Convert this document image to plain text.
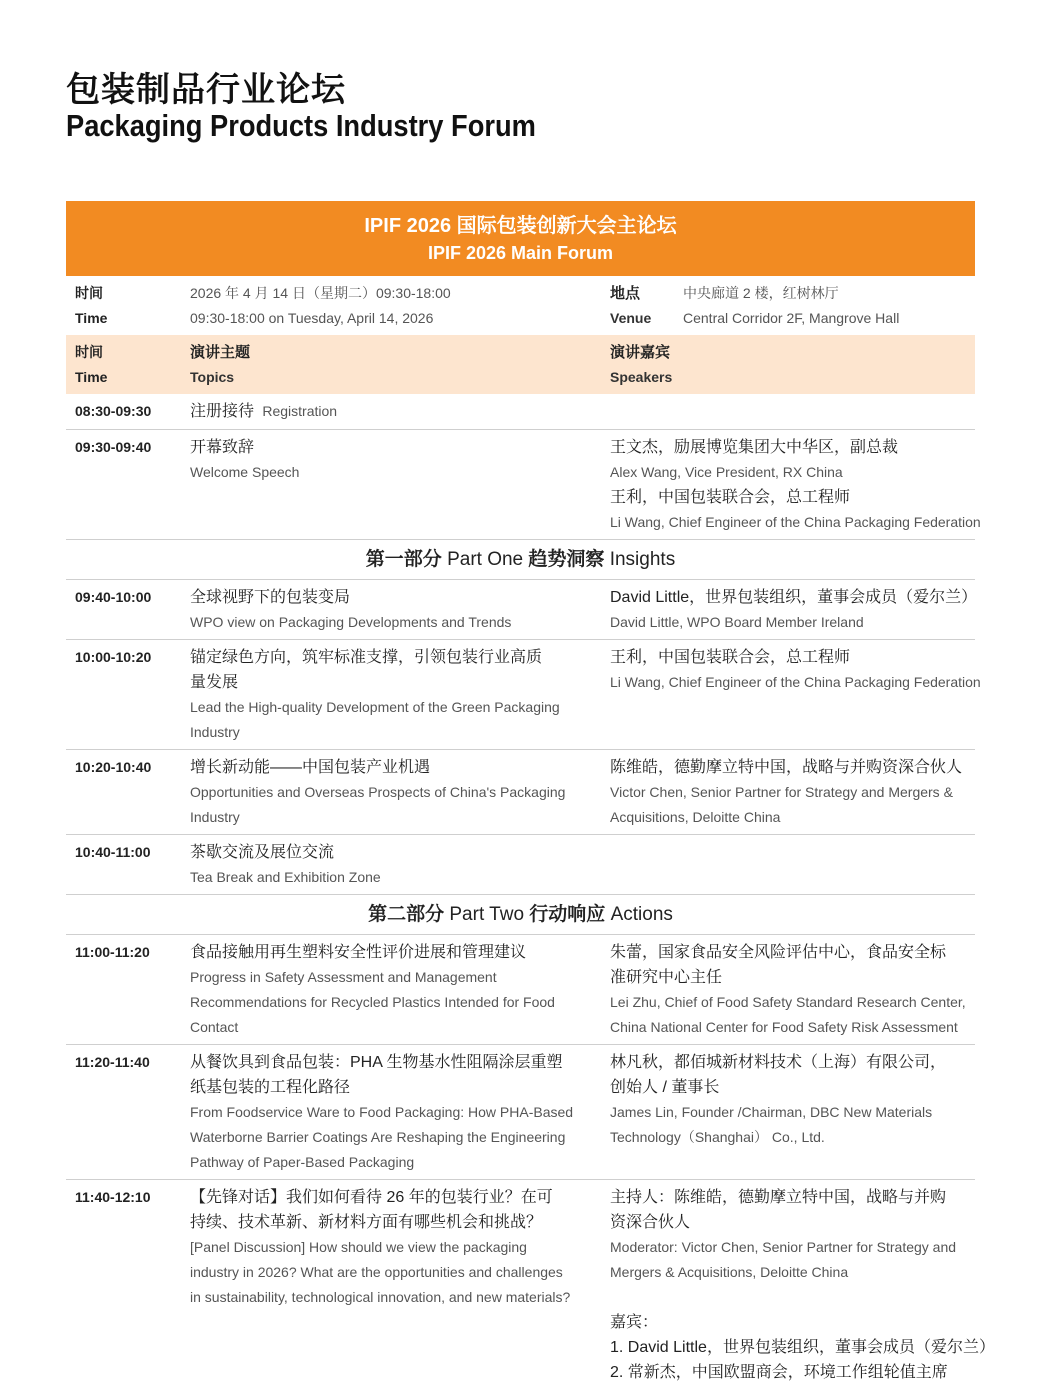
包装制品行业论坛
Packaging Products Industry Forum
IPIF 2026 国际包装创新大会主论坛
IPIF 2026 Main Forum
时间
Time
2026 年 4 月 14 日（星期二）09:30-18:00
09:30-18:00 on Tuesday, April 14, 2026
地点
Venue
中央廊道 2 楼，红树林厅
Central Corridor 2F, Mangrove Hall
时间
Time
演讲主题
Topics
演讲嘉宾
Speakers
08:30-09:30 注册接待 Registration
09:30-09:40 开幕致辞
Welcome Speech
王文杰，励展博览集团大中华区，副总裁
Alex Wang, Vice President, RX China
王利，中国包装联合会，总工程师
Li Wang, Chief Engineer of the China Packaging Federation
第一部分 Part One 趋势洞察 Insights
09:40-10:00 全球视野下的包装变局
WPO view on Packaging Developments and Trends
David Little，世界包装组织，董事会成员（爱尔兰）
David Little, WPO Board Member Ireland
10:00-10:20 锚定绿色方向，筑牢标准支撑，引领包装行业高质
量发展
Lead the High-quality Development of the Green Packaging
Industry
王利，中国包装联合会，总工程师
Li Wang, Chief Engineer of the China Packaging Federation
10:20-10:40 增长新动能——中国包装产业机遇
Opportunities and Overseas Prospects of China's Packaging
Industry
陈维皓，德勤摩立特中国，战略与并购资深合伙人
Victor Chen, Senior Partner for Strategy and Mergers &
Acquisitions, Deloitte China
10:40-11:00 茶歇交流及展位交流
Tea Break and Exhibition Zone
第二部分 Part Two 行动响应 Actions
11:00-11:20	食品接触用再生塑料安全性评价进展和管理建议
Progress in Safety Assessment and Management
Recommendations for Recycled Plastics Intended for Food
Contact
朱蕾，国家食品安全风险评估中心，食品安全标
准研究中心主任
Lei Zhu, Chief of Food Safety Standard Research Center,
China National Center for Food Safety Risk Assessment
11:20-11:40	从餐饮具到食品包装：PHA 生物基水性阻隔涂层重塑
纸基包装的工程化路径
From Foodservice Ware to Food Packaging: How PHA-Based
Waterborne Barrier Coatings Are Reshaping the Engineering
Pathway of Paper-Based Packaging
林凡秋，都佰城新材料技术（上海）有限公司，
创始人 / 董事长
James Lin, Founder /Chairman, DBC New Materials
Technology（Shanghai） Co., Ltd.
11:40-12:10 【先锋对话】我们如何看待 26 年的包装行业？在可
持续、技术革新、新材料方面有哪些机会和挑战？
[Panel Discussion] How should we view the packaging
industry in 2026? What are the opportunities and challenges
in sustainability, technological innovation, and new materials?
主持人：陈维皓，德勤摩立特中国，战略与并购
资深合伙人
Moderator: Victor Chen, Senior Partner for Strategy and
Mergers & Acquisitions, Deloitte China
嘉宾：
1. David Little，世界包装组织，董事会成员（爱尔兰）
2. 常新杰，中国欧盟商会，环境工作组轮值主席
